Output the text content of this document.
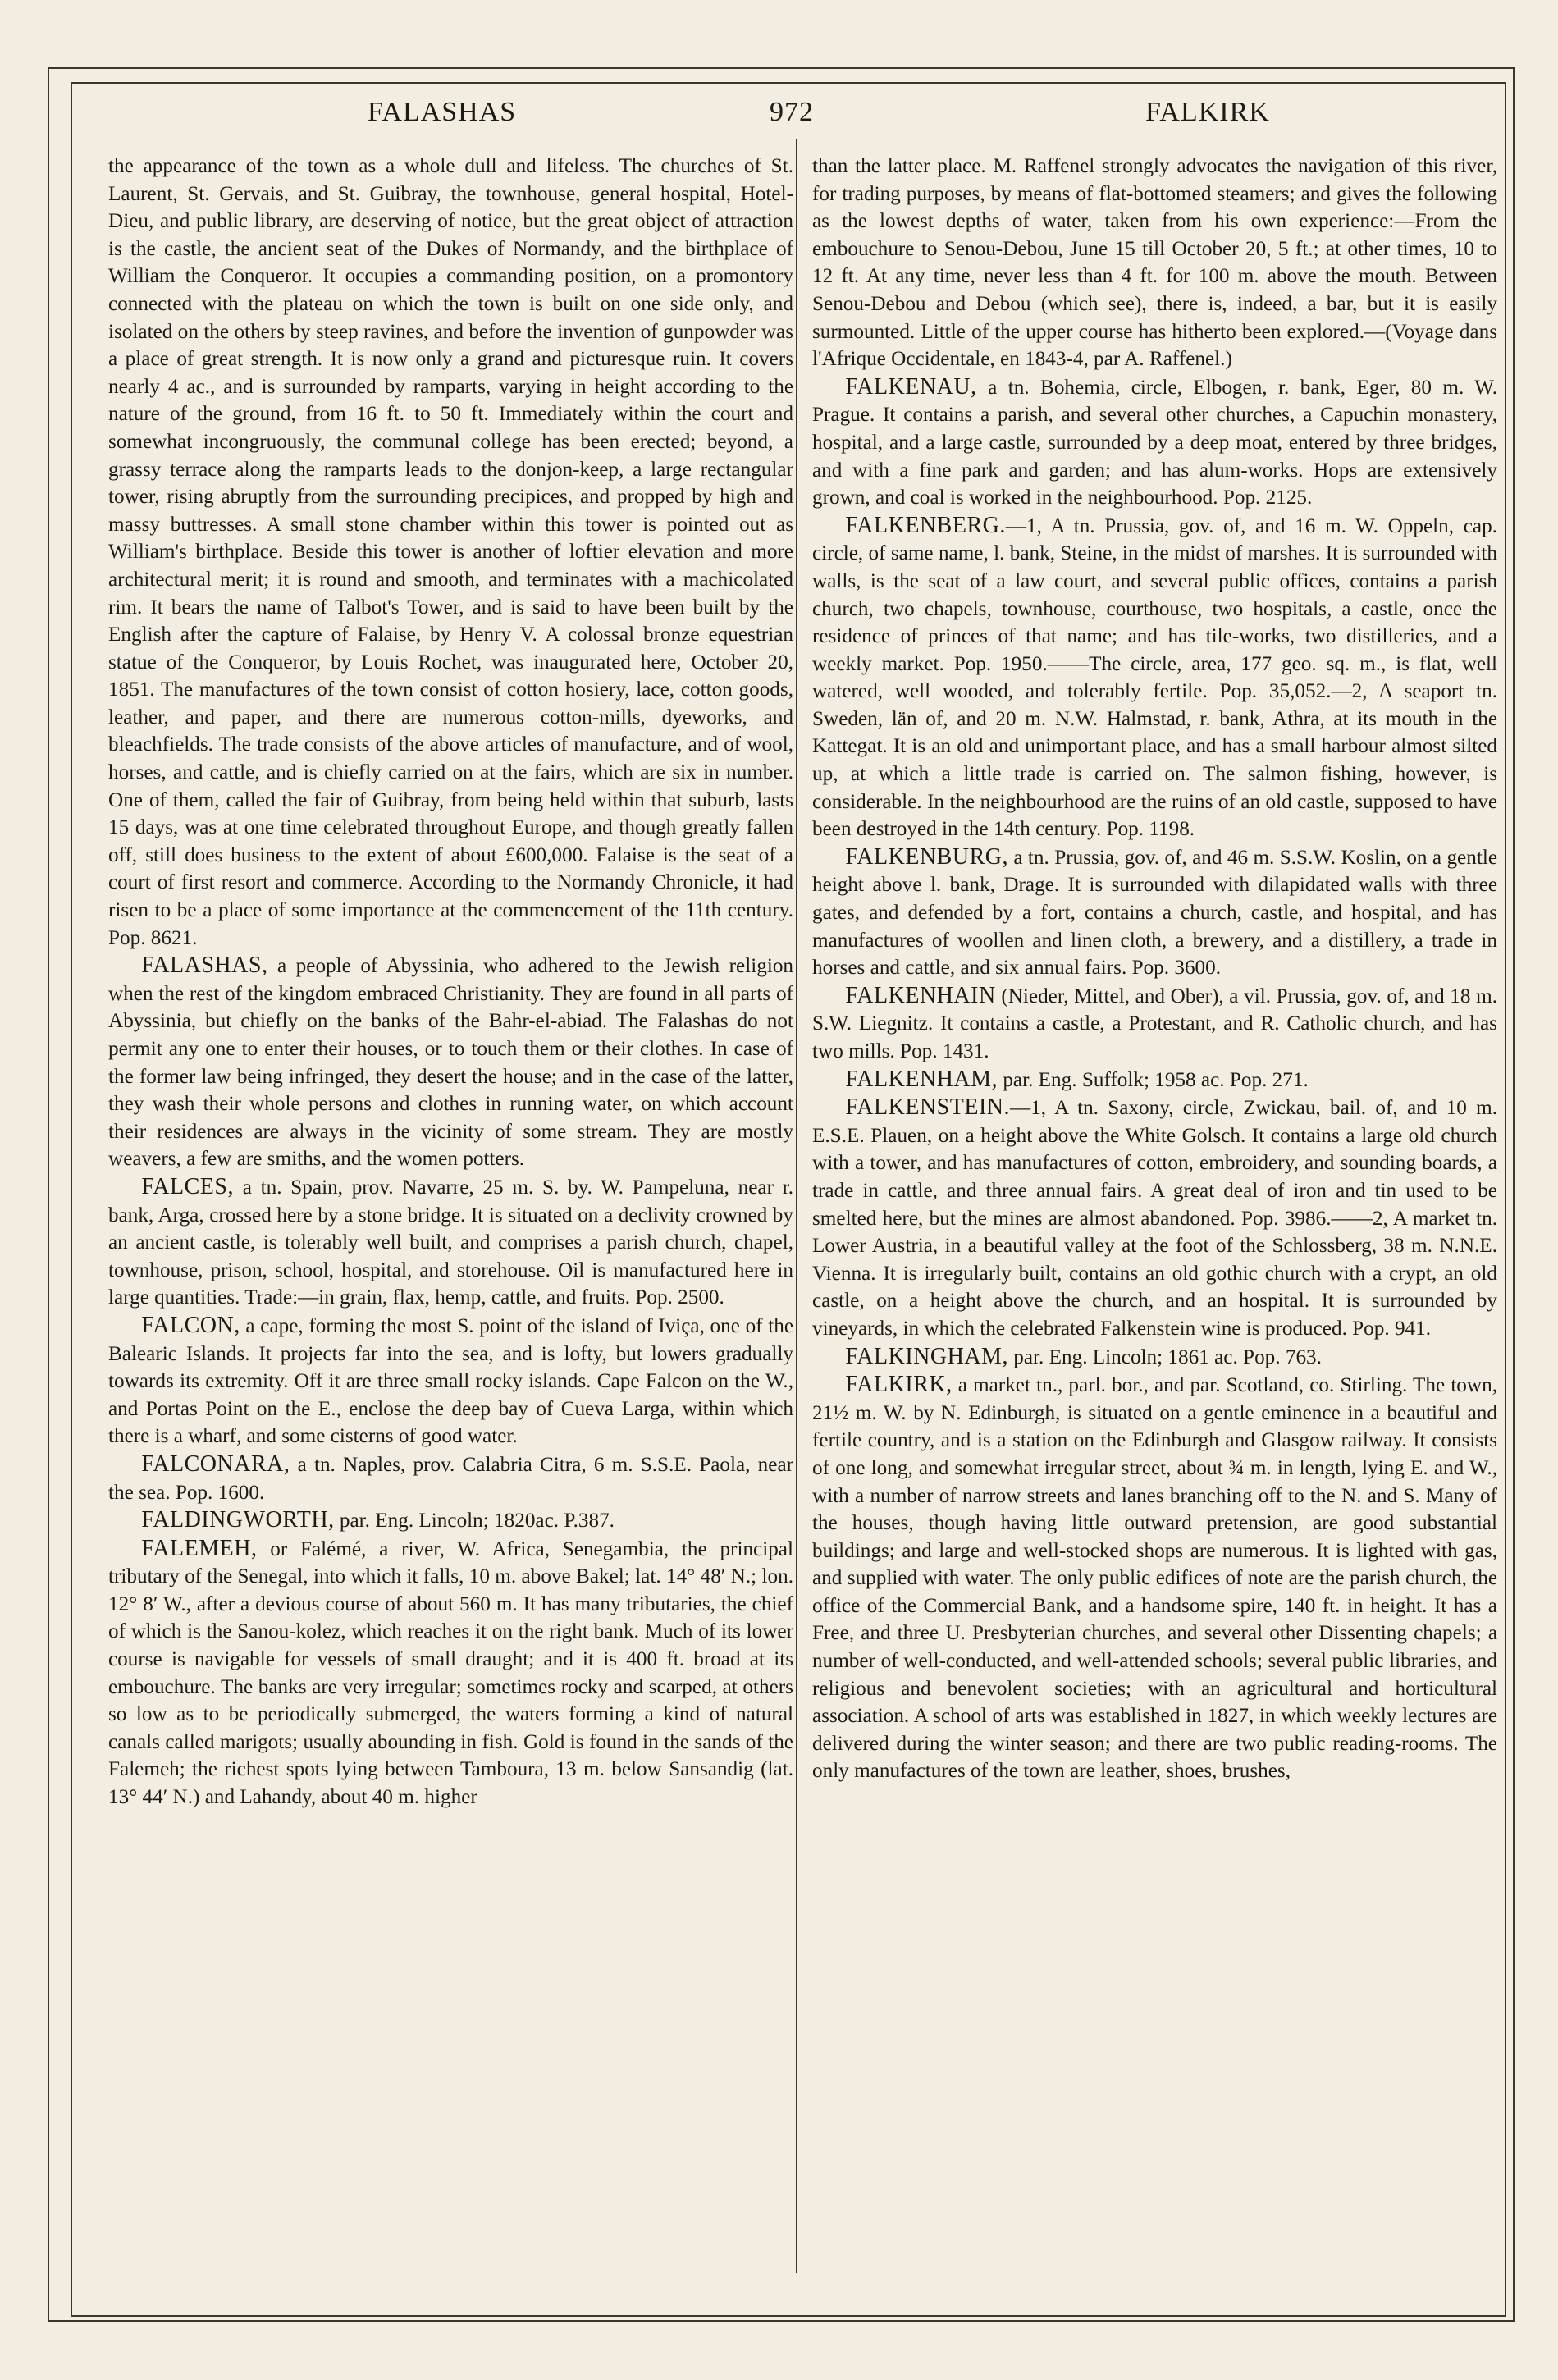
FALASHAS	972	FALKIRK

the appearance of the town as a whole dull and lifeless. The churches of St. Laurent, St. Gervais, and St. Guibray, the townhouse, general hospital, Hotel-Dieu, and public library, are deserving of notice, but the great object of attraction is the castle, the ancient seat of the Dukes of Normandy, and the birthplace of William the Conqueror. It occupies a commanding position, on a promontory connected with the plateau on which the town is built on one side only, and isolated on the others by steep ravines, and before the invention of gunpowder was a place of great strength. It is now only a grand and picturesque ruin. It covers nearly 4 ac., and is surrounded by ramparts, varying in height according to the nature of the ground, from 16 ft. to 50 ft. Immediately within the court and somewhat incongruously, the communal college has been erected; beyond, a grassy terrace along the ramparts leads to the donjon-keep, a large rectangular tower, rising abruptly from the surrounding precipices, and propped by high and massy buttresses. A small stone chamber within this tower is pointed out as William's birthplace. Beside this tower is another of loftier elevation and more architectural merit; it is round and smooth, and terminates with a machicolated rim. It bears the name of Talbot's Tower, and is said to have been built by the English after the capture of Falaise, by Henry V. A colossal bronze equestrian statue of the Conqueror, by Louis Rochet, was inaugurated here, October 20, 1851. The manufactures of the town consist of cotton hosiery, lace, cotton goods, leather, and paper, and there are numerous cotton-mills, dyeworks, and bleachfields. The trade consists of the above articles of manufacture, and of wool, horses, and cattle, and is chiefly carried on at the fairs, which are six in number. One of them, called the fair of Guibray, from being held within that suburb, lasts 15 days, was at one time celebrated throughout Europe, and though greatly fallen off, still does business to the extent of about £600,000. Falaise is the seat of a court of first resort and commerce. According to the Normandy Chronicle, it had risen to be a place of some importance at the commencement of the 11th century. Pop. 8621.

FALASHAS, a people of Abyssinia, who adhered to the Jewish religion when the rest of the kingdom embraced Christianity. They are found in all parts of Abyssinia, but chiefly on the banks of the Bahr-el-abiad. The Falashas do not permit any one to enter their houses, or to touch them or their clothes. In case of the former law being infringed, they desert the house; and in the case of the latter, they wash their whole persons and clothes in running water, on which account their residences are always in the vicinity of some stream. They are mostly weavers, a few are smiths, and the women potters.

FALCES, a tn. Spain, prov. Navarre, 25 m. S. by. W. Pampeluna, near r. bank, Arga, crossed here by a stone bridge. It is situated on a declivity crowned by an ancient castle, is tolerably well built, and comprises a parish church, chapel, townhouse, prison, school, hospital, and storehouse. Oil is manufactured here in large quantities. Trade:—in grain, flax, hemp, cattle, and fruits. Pop. 2500.

FALCON, a cape, forming the most S. point of the island of Iviça, one of the Balearic Islands. It projects far into the sea, and is lofty, but lowers gradually towards its extremity. Off it are three small rocky islands. Cape Falcon on the W., and Portas Point on the E., enclose the deep bay of Cueva Larga, within which there is a wharf, and some cisterns of good water.

FALCONARA, a tn. Naples, prov. Calabria Citra, 6 m. S.S.E. Paola, near the sea. Pop. 1600.

FALDINGWORTH, par. Eng. Lincoln; 1820ac. P.387.

FALEMEH, or Falémé, a river, W. Africa, Senegambia, the principal tributary of the Senegal, into which it falls, 10 m. above Bakel; lat. 14° 48′ N.; lon. 12° 8′ W., after a devious course of about 560 m. It has many tributaries, the chief of which is the Sanou-kolez, which reaches it on the right bank. Much of its lower course is navigable for vessels of small draught; and it is 400 ft. broad at its embouchure. The banks are very irregular; sometimes rocky and scarped, at others so low as to be periodically submerged, the waters forming a kind of natural canals called marigots; usually abounding in fish. Gold is found in the sands of the Falemeh; the richest spots lying between Tamboura, 13 m. below Sansandig (lat. 13° 44′ N.) and Lahandy, about 40 m. higher

than the latter place. M. Raffenel strongly advocates the navigation of this river, for trading purposes, by means of flat-bottomed steamers; and gives the following as the lowest depths of water, taken from his own experience:—From the embouchure to Senou-Debou, June 15 till October 20, 5 ft.; at other times, 10 to 12 ft. At any time, never less than 4 ft. for 100 m. above the mouth. Between Senou-Debou and Debou (which see), there is, indeed, a bar, but it is easily surmounted. Little of the upper course has hitherto been explored.—(Voyage dans l'Afrique Occidentale, en 1843-4, par A. Raffenel.)

FALKENAU, a tn. Bohemia, circle, Elbogen, r. bank, Eger, 80 m. W. Prague. It contains a parish, and several other churches, a Capuchin monastery, hospital, and a large castle, surrounded by a deep moat, entered by three bridges, and with a fine park and garden; and has alum-works. Hops are extensively grown, and coal is worked in the neighbourhood. Pop. 2125.

FALKENBERG.—1, A tn. Prussia, gov. of, and 16 m. W. Oppeln, cap. circle, of same name, l. bank, Steine, in the midst of marshes. It is surrounded with walls, is the seat of a law court, and several public offices, contains a parish church, two chapels, townhouse, courthouse, two hospitals, a castle, once the residence of princes of that name; and has tile-works, two distilleries, and a weekly market. Pop. 1950.——The circle, area, 177 geo. sq. m., is flat, well watered, well wooded, and tolerably fertile. Pop. 35,052.—2, A seaport tn. Sweden, län of, and 20 m. N.W. Halmstad, r. bank, Athra, at its mouth in the Kattegat. It is an old and unimportant place, and has a small harbour almost silted up, at which a little trade is carried on. The salmon fishing, however, is considerable. In the neighbourhood are the ruins of an old castle, supposed to have been destroyed in the 14th century. Pop. 1198.

FALKENBURG, a tn. Prussia, gov. of, and 46 m. S.S.W. Koslin, on a gentle height above l. bank, Drage. It is surrounded with dilapidated walls with three gates, and defended by a fort, contains a church, castle, and hospital, and has manufactures of woollen and linen cloth, a brewery, and a distillery, a trade in horses and cattle, and six annual fairs. Pop. 3600.

FALKENHAIN (Nieder, Mittel, and Ober), a vil. Prussia, gov. of, and 18 m. S.W. Liegnitz. It contains a castle, a Protestant, and R. Catholic church, and has two mills. Pop. 1431.

FALKENHAM, par. Eng. Suffolk; 1958 ac. Pop. 271.

FALKENSTEIN.—1, A tn. Saxony, circle, Zwickau, bail. of, and 10 m. E.S.E. Plauen, on a height above the White Golsch. It contains a large old church with a tower, and has manufactures of cotton, embroidery, and sounding boards, a trade in cattle, and three annual fairs. A great deal of iron and tin used to be smelted here, but the mines are almost abandoned. Pop. 3986.——2, A market tn. Lower Austria, in a beautiful valley at the foot of the Schlossberg, 38 m. N.N.E. Vienna. It is irregularly built, contains an old gothic church with a crypt, an old castle, on a height above the church, and an hospital. It is surrounded by vineyards, in which the celebrated Falkenstein wine is produced. Pop. 941.

FALKINGHAM, par. Eng. Lincoln; 1861 ac. Pop. 763.

FALKIRK, a market tn., parl. bor., and par. Scotland, co. Stirling. The town, 21½ m. W. by N. Edinburgh, is situated on a gentle eminence in a beautiful and fertile country, and is a station on the Edinburgh and Glasgow railway. It consists of one long, and somewhat irregular street, about ¾ m. in length, lying E. and W., with a number of narrow streets and lanes branching off to the N. and S. Many of the houses, though having little outward pretension, are good substantial buildings; and large and well-stocked shops are numerous. It is lighted with gas, and supplied with water. The only public edifices of note are the parish church, the office of the Commercial Bank, and a handsome spire, 140 ft. in height. It has a Free, and three U. Presbyterian churches, and several other Dissenting chapels; a number of well-conducted, and well-attended schools; several public libraries, and religious and benevolent societies; with an agricultural and horticultural association. A school of arts was established in 1827, in which weekly lectures are delivered during the winter season; and there are two public reading-rooms. The only manufactures of the town are leather, shoes, brushes,
